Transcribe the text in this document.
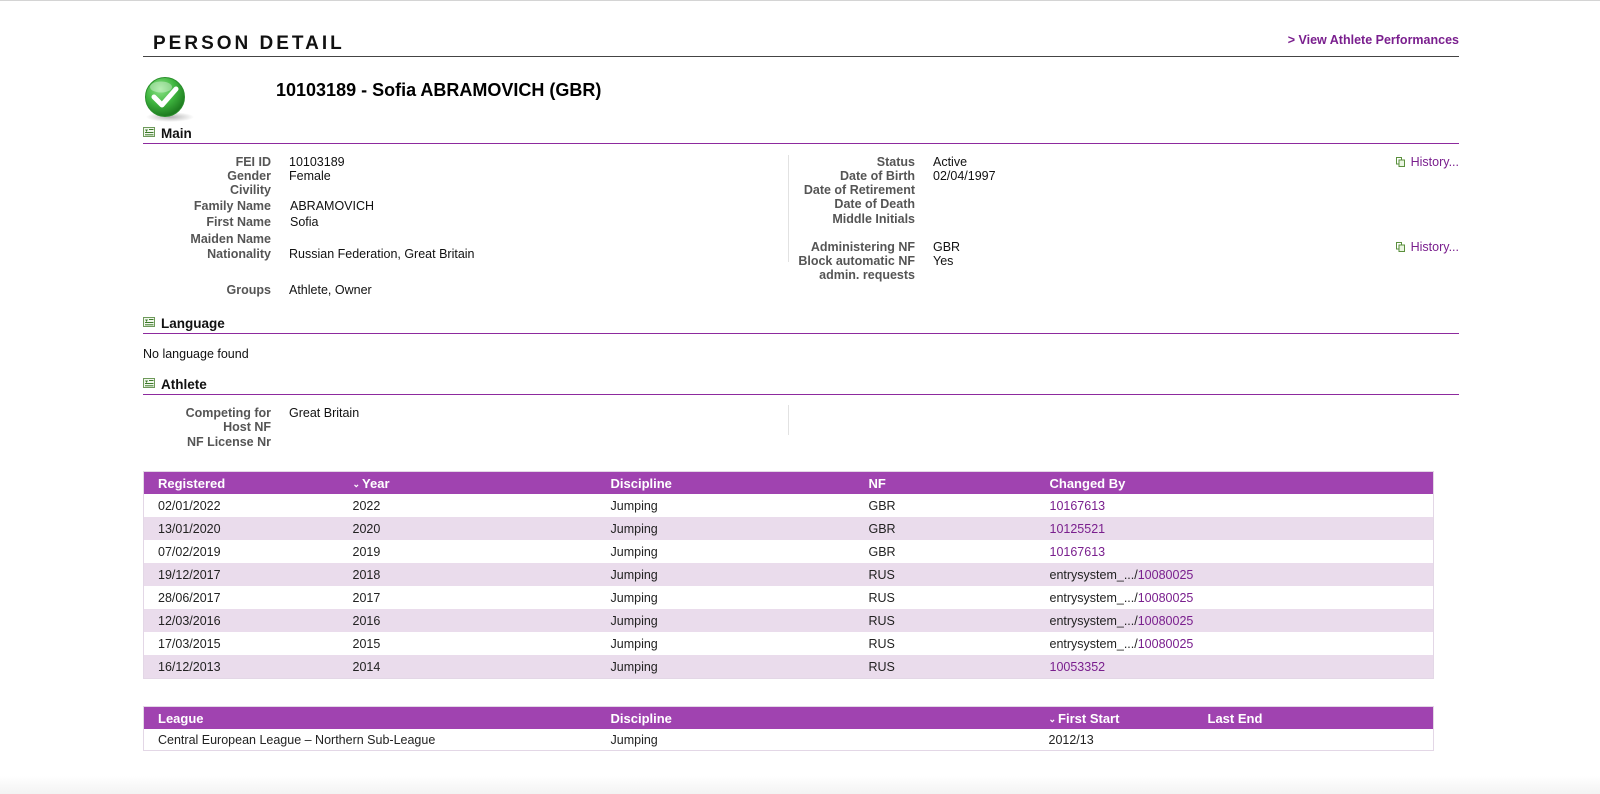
PERSON DETAIL	> View Athlete Performances
10103189 - Sofia ABRAMOVICH (GBR)
Main
FEI ID 10103189
Gender Female
Civility
Family Name ABRAMOVICH
First Name Sofia
Maiden Name
Nationality Russian Federation, Great Britain
Groups Athlete, Owner
Status Active
Date of Birth 02/04/1997
Date of Retirement
Date of Death
Middle Initials
Administering NF GBR
Block automatic NF Yes
admin. requests
History...
History...
Language
No language found
Athlete
Competing for Great Britain
Host NF
NF License Nr
Registered	⌄ Year	Discipline	NF	Changed By
02/01/2022	2022	Jumping	GBR	10167613
13/01/2020	2020	Jumping	GBR	10125521
07/02/2019	2019	Jumping	GBR	10167613
19/12/2017	2018	Jumping	RUS	entrysystem_.../10080025
28/06/2017	2017	Jumping	RUS	entrysystem_.../10080025
12/03/2016	2016	Jumping	RUS	entrysystem_.../10080025
17/03/2015	2015	Jumping	RUS	entrysystem_.../10080025
16/12/2013	2014	Jumping	RUS	10053352
League	Discipline	⌄ First Start	Last End
Central European League – Northern Sub-League	Jumping	2012/13	
